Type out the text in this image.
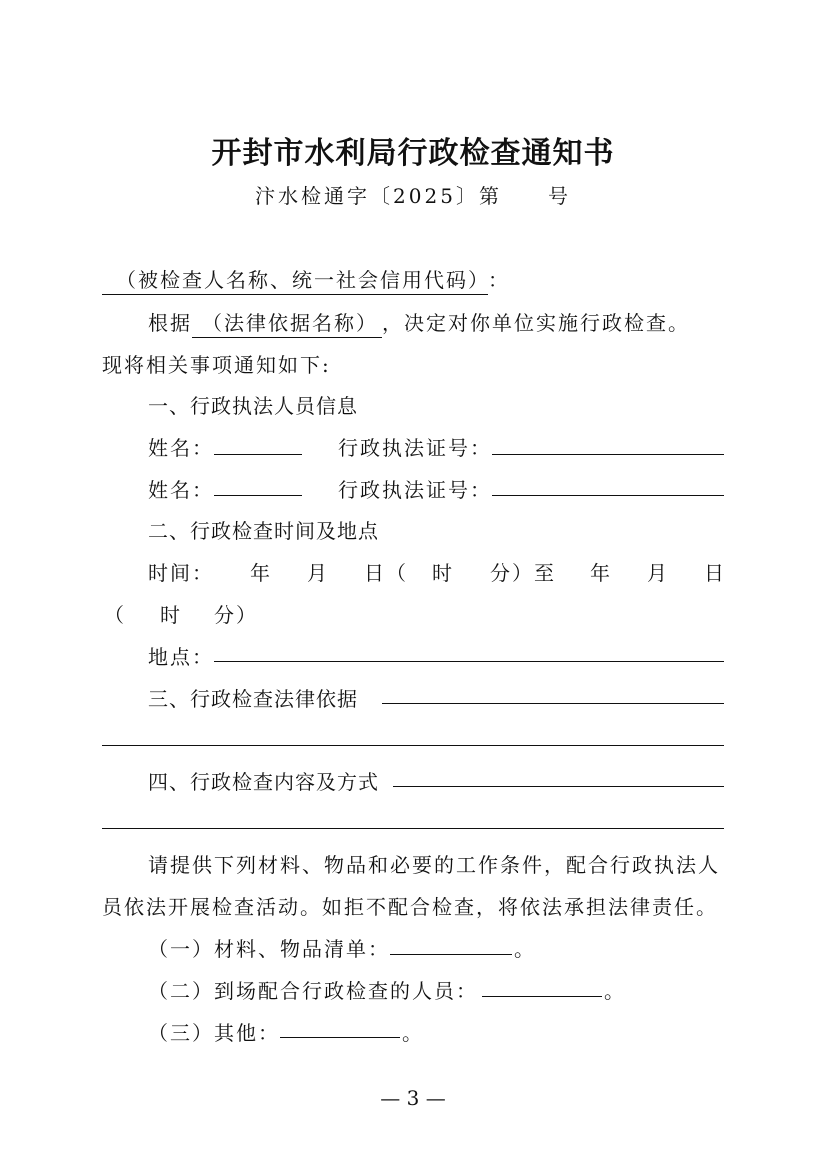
开封市水利局行政检查通知书
汴水检通字〔2025〕第　　号
（被检查人名称、统一社会信用代码） ：
根据 （法律依据名称） ，决定对你单位实施行政检查。
现将相关事项通知如下:
一、行政执法人员信息
姓名：	行政执法证号：
姓名：	行政执法证号：
二、行政检查时间及地点
时间： 年 月 日（ 时 分）至 年 月 日
（ 时 分）
地点：
三、行政检查法律依据
四、行政检查内容及方式
请提供下列材料、物品和必要的工作条件，配合行政执法人
员依法开展检查活动。如拒不配合检查，将依法承担法律责任。
（一）材料、物品清单：	。
（二）到场配合行政检查的人员：	。
（三）其他：	。
— 3 —
